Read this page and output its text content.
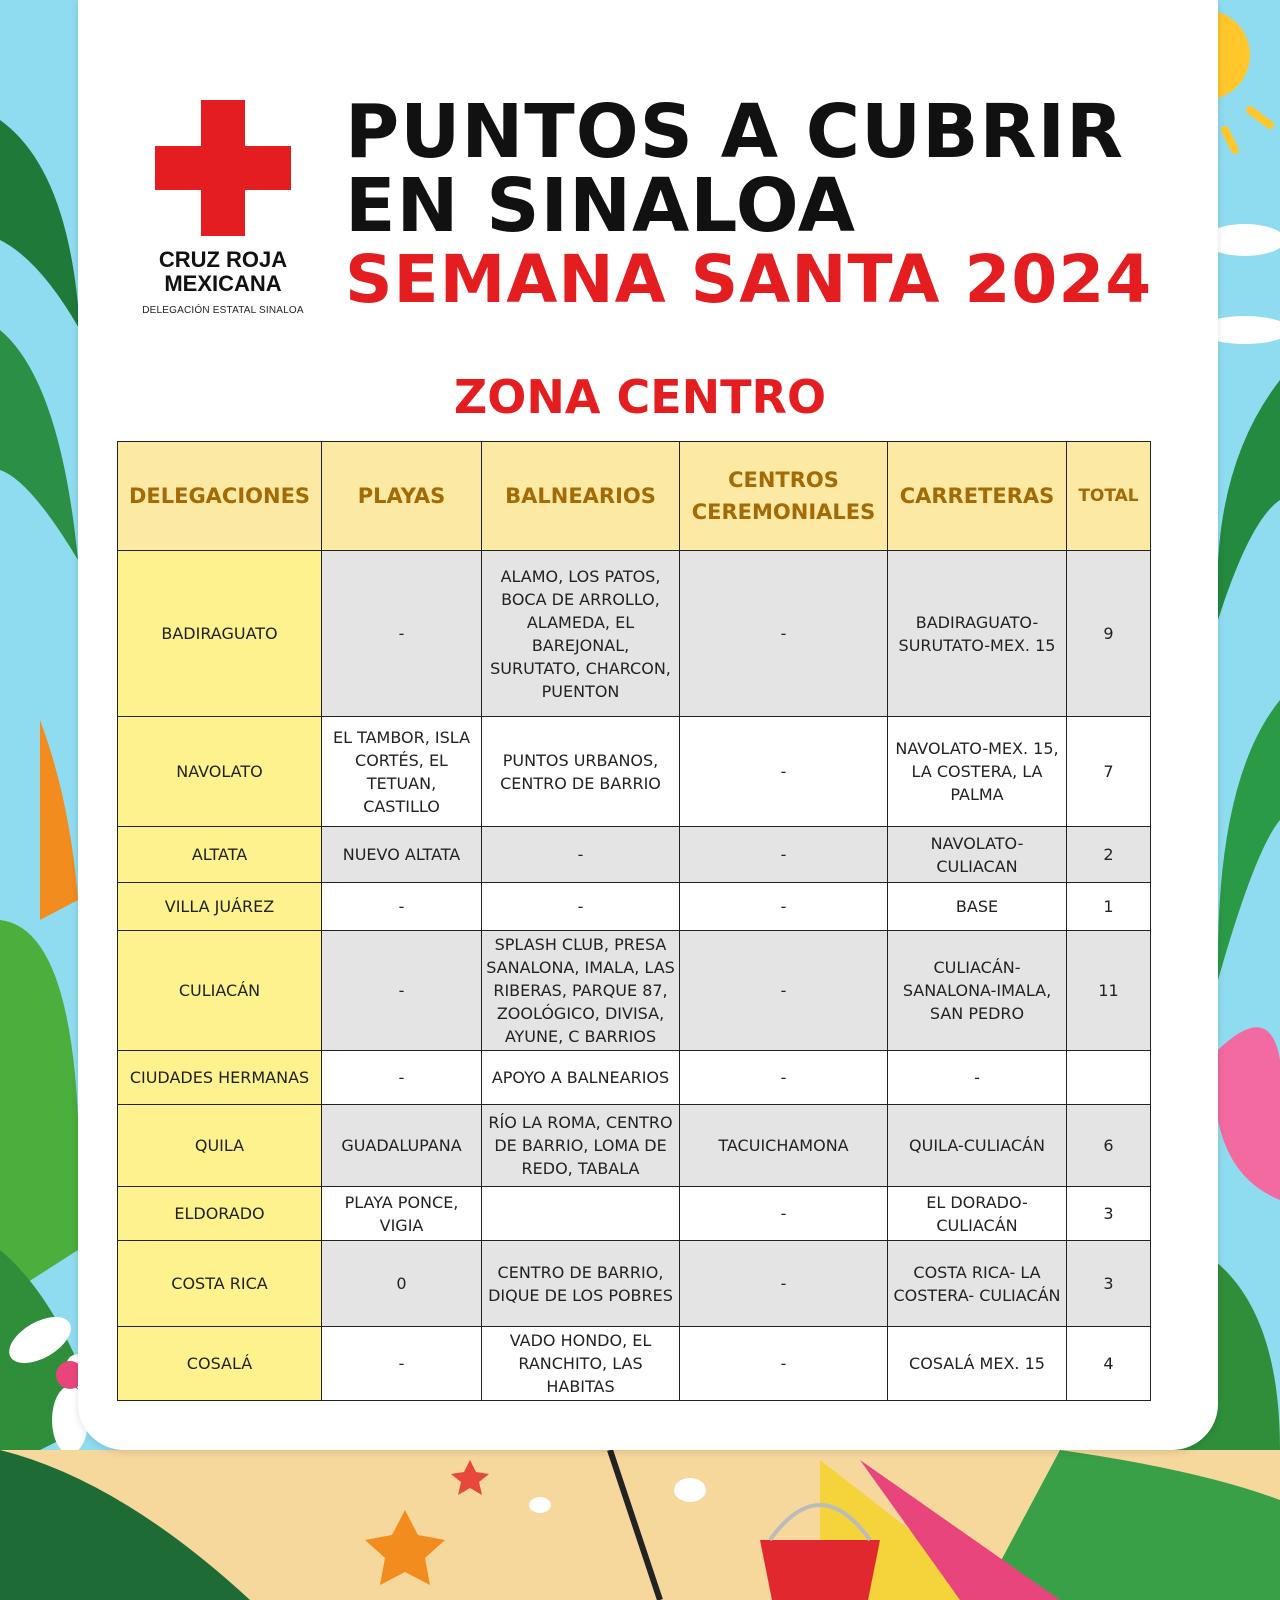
CRUZ ROJA
MEXICANA
DELEGACIÓN ESTATAL SINALOA
PUNTOS A CUBRIR
EN SINALOA
SEMANA SANTA 2024
ZONA CENTRO
DELEGACIONES	PLAYAS	BALNEARIOS	CENTROS CEREMONIALES	CARRETERAS	TOTAL
BADIRAGUATO	-	ALAMO, LOS PATOS, BOCA DE ARROLLO, ALAMEDA, EL BAREJONAL, SURUTATO, CHARCON, PUENTON	-	BADIRAGUATO-SURUTATO-MEX. 15	9
NAVOLATO	EL TAMBOR, ISLA CORTÉS, EL TETUAN, CASTILLO	PUNTOS URBANOS, CENTRO DE BARRIO	-	NAVOLATO-MEX. 15, LA COSTERA, LA PALMA	7
ALTATA	NUEVO ALTATA	-	-	NAVOLATO-CULIACAN	2
VILLA JUÁREZ	-	-	-	BASE	1
CULIACÁN	-	SPLASH CLUB, PRESA SANALONA, IMALA, LAS RIBERAS, PARQUE 87, ZOOLÓGICO, DIVISA, AYUNE, C BARRIOS	-	CULIACÁN-SANALONA-IMALA, SAN PEDRO	11
CIUDADES HERMANAS	-	APOYO A BALNEARIOS	-	-	
QUILA	GUADALUPANA	RÍO LA ROMA, CENTRO DE BARRIO, LOMA DE REDO, TABALA	TACUICHAMONA	QUILA-CULIACÁN	6
ELDORADO	PLAYA PONCE, VIGIA		-	EL DORADO-CULIACÁN	3
COSTA RICA	0	CENTRO DE BARRIO, DIQUE DE LOS POBRES	-	COSTA RICA- LA COSTERA- CULIACÁN	3
COSALÁ	-	VADO HONDO, EL RANCHITO, LAS HABITAS	-	COSALÁ MEX. 15	4
